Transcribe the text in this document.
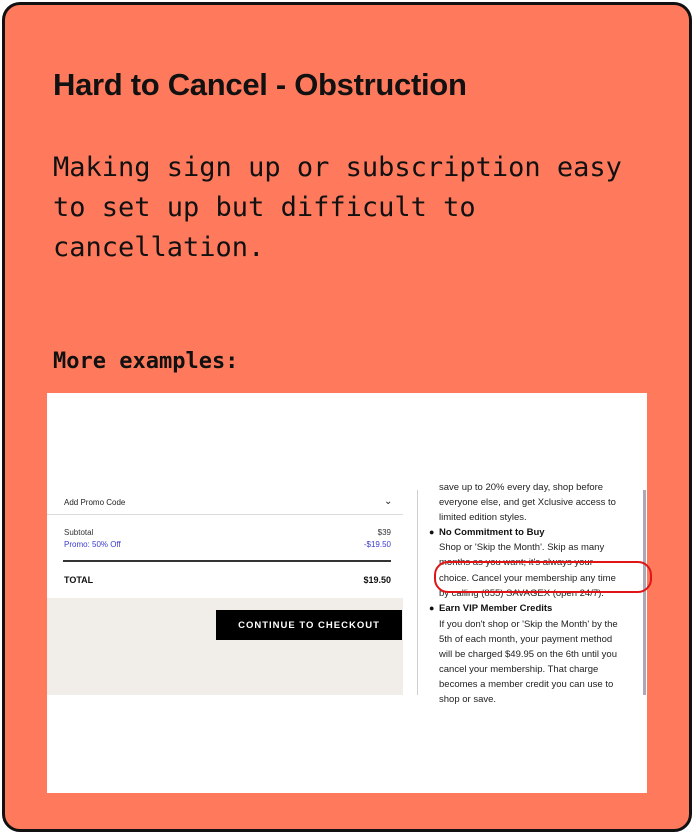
Hard to Cancel - Obstruction
Making sign up or subscription easy to set up but difficult to cancellation.
More examples:
Add Promo Code	⌄
Subtotal	$39
Promo: 50% Off	-$19.50
TOTAL	$19.50
CONTINUE TO CHECKOUT
save up to 20% every day, shop before
everyone else, and get Xclusive access to
limited edition styles.
● No Commitment to Buy
Shop or 'Skip the Month'. Skip as many
months as you want; it's always your
choice. Cancel your membership any time
by calling (855) SAVAGEX (open 24/7).
● Earn VIP Member Credits
If you don't shop or 'Skip the Month' by the
5th of each month, your payment method
will be charged $49.95 on the 6th until you
cancel your membership. That charge
becomes a member credit you can use to
shop or save.
